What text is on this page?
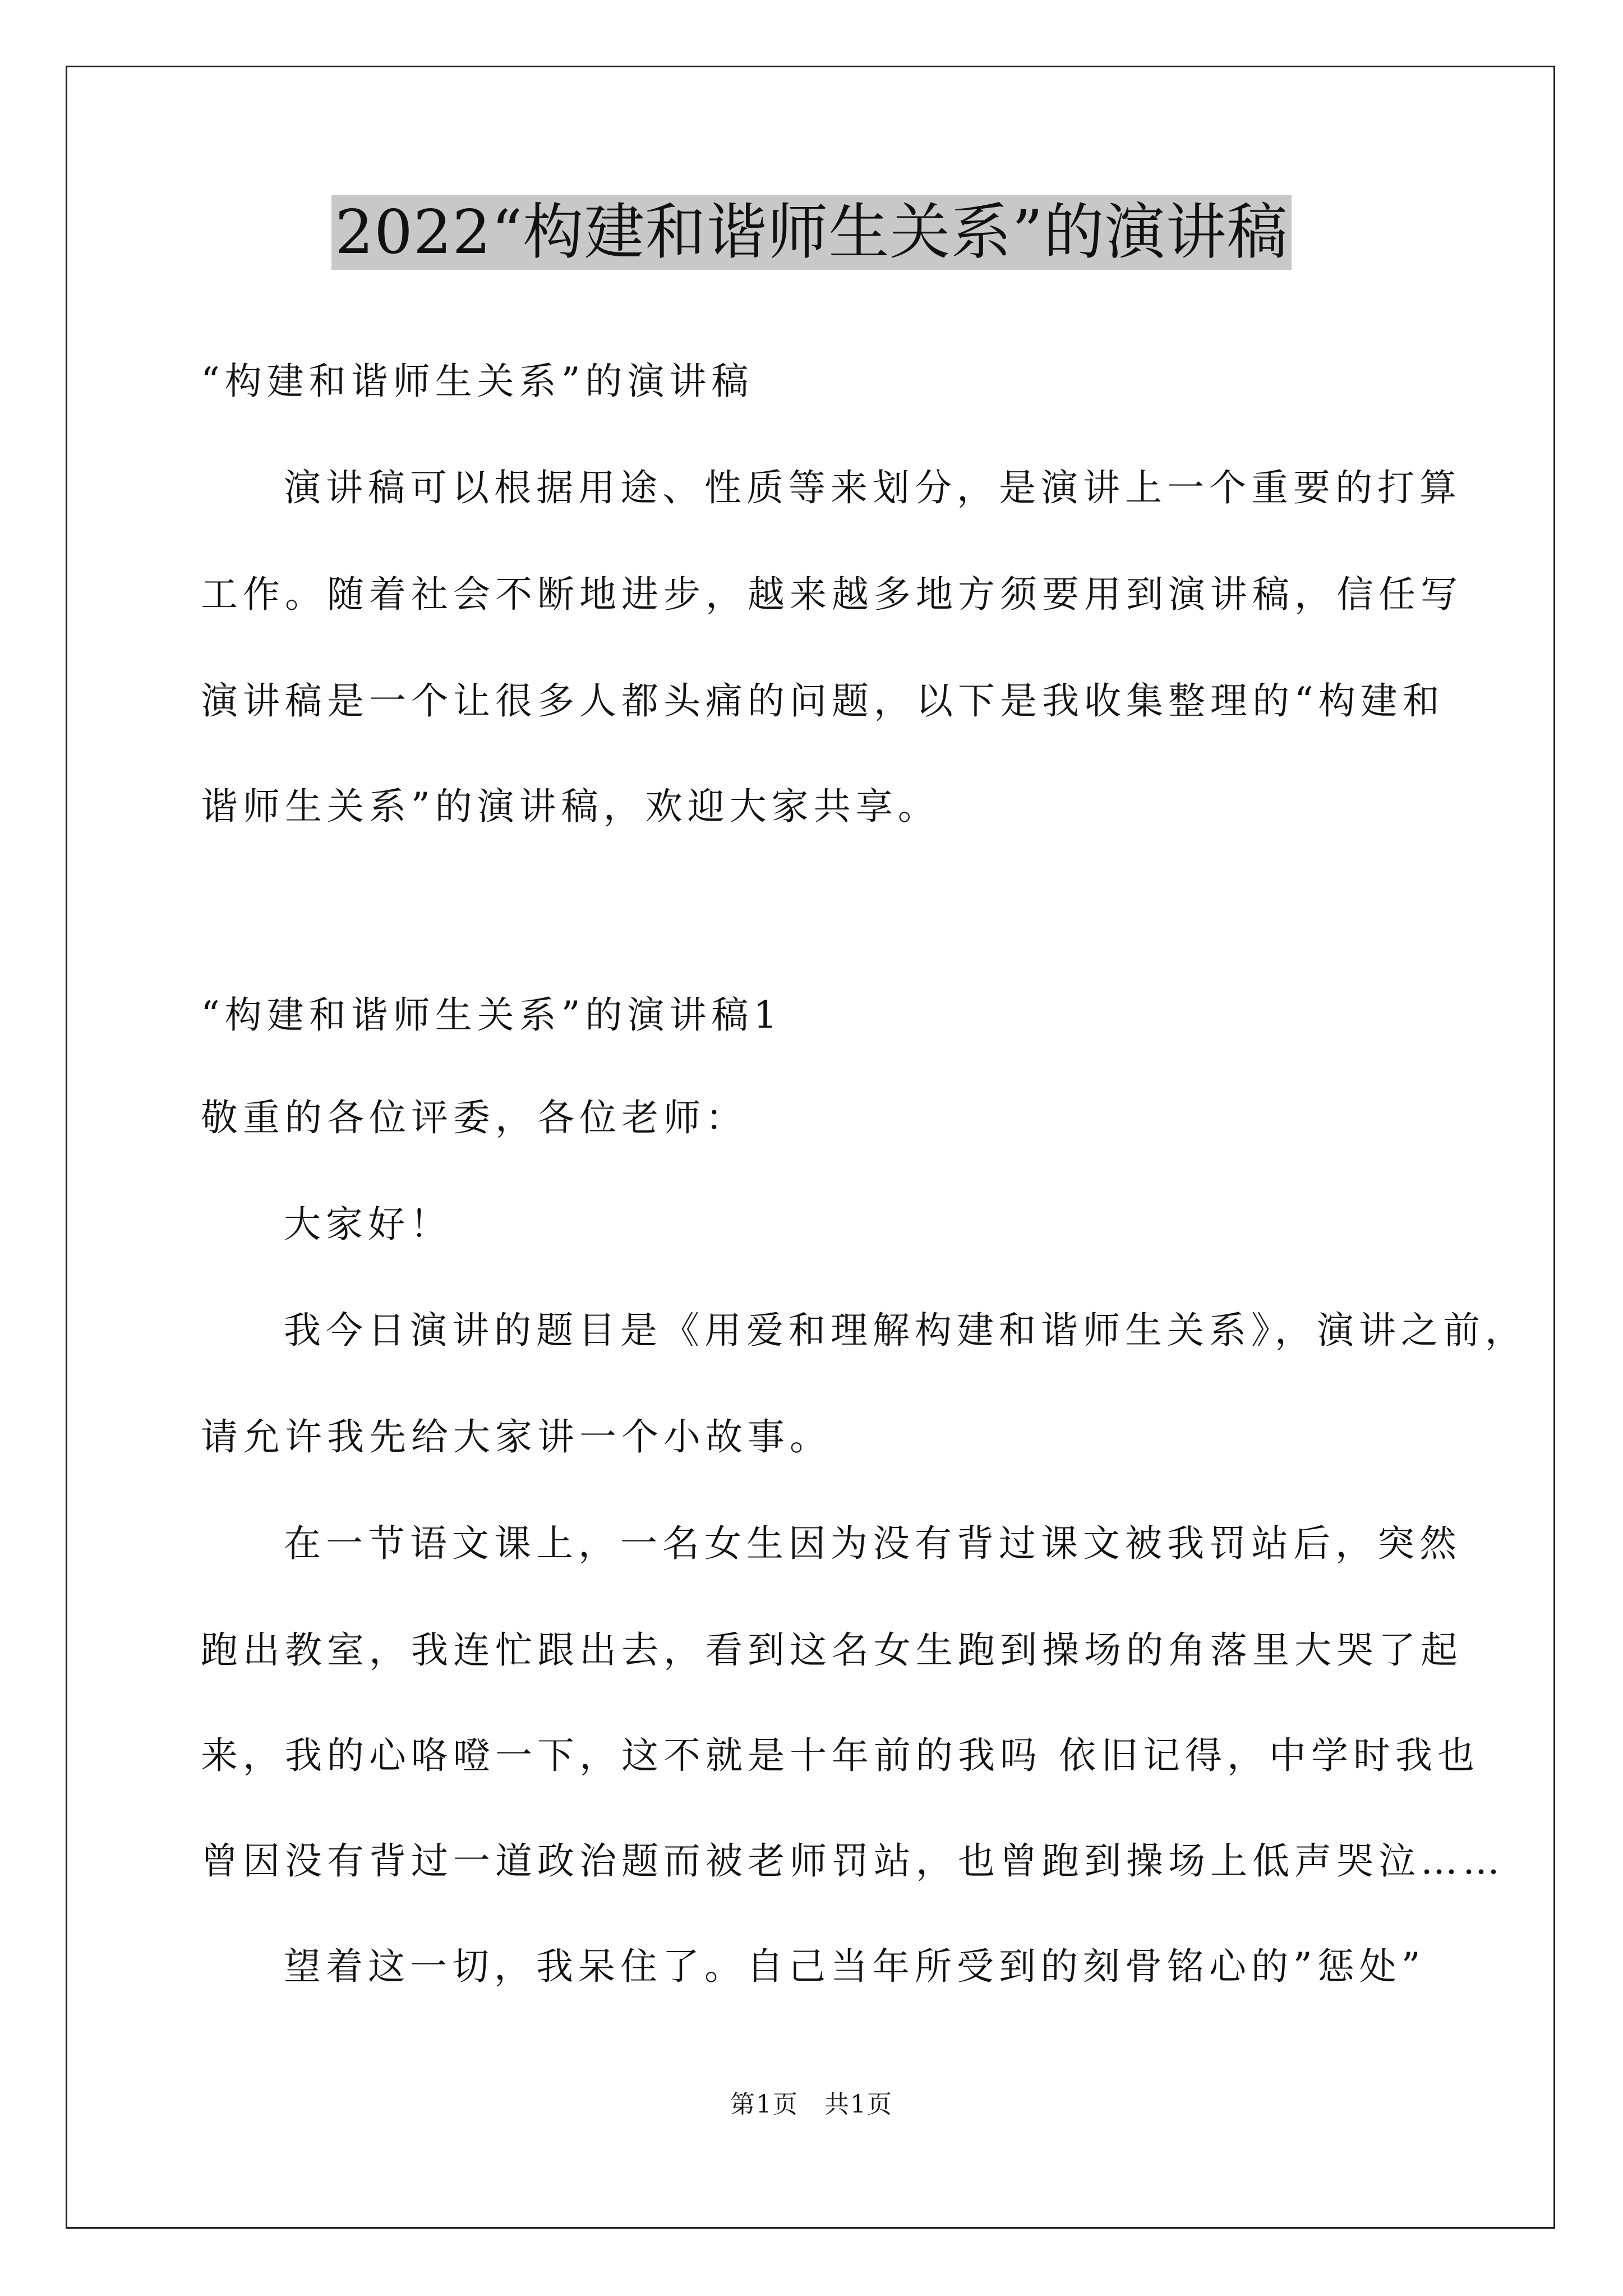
2022“构建和谐师生关系”的演讲稿
“构建和谐师生关系”的演讲稿
演讲稿可以根据用途、性质等来划分，是演讲上一个重要的打算
工作。随着社会不断地进步，越来越多地方须要用到演讲稿，信任写
演讲稿是一个让很多人都头痛的问题，以下是我收集整理的“构建和
谐师生关系”的演讲稿，欢迎大家共享。
“构建和谐师生关系”的演讲稿1
敬重的各位评委，各位老师：
大家好！
我今日演讲的题目是《用爱和理解构建和谐师生关系》，演讲之前，
请允许我先给大家讲一个小故事。
在一节语文课上，一名女生因为没有背过课文被我罚站后，突然
跑出教室，我连忙跟出去，看到这名女生跑到操场的角落里大哭了起
来，我的心咯噔一下，这不就是十年前的我吗 依旧记得，中学时我也
曾因没有背过一道政治题而被老师罚站，也曾跑到操场上低声哭泣……
望着这一切，我呆住了。自己当年所受到的刻骨铭心的”惩处”
第1页　共1页
